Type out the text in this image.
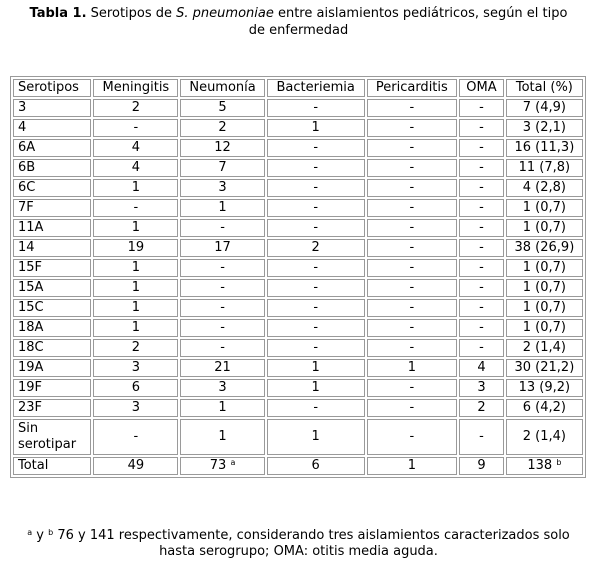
Tabla 1. Serotipos de S. pneumoniae entre aislamientos pediátricos, según el tipo
de enfermedad
Serotipos	Meningitis	Neumonía	Bacteriemia	Pericarditis	OMA	Total (%)
3	2	5	-	-	-	7 (4,9)
4	-	2	1	-	-	3 (2,1)
6A	4	12	-	-	-	16 (11,3)
6B	4	7	-	-	-	11 (7,8)
6C	1	3	-	-	-	4 (2,8)
7F	-	1	-	-	-	1 (0,7)
11A	1	-	-	-	-	1 (0,7)
14	19	17	2	-	-	38 (26,9)
15F	1	-	-	-	-	1 (0,7)
15A	1	-	-	-	-	1 (0,7)
15C	1	-	-	-	-	1 (0,7)
18A	1	-	-	-	-	1 (0,7)
18C	2	-	-	-	-	2 (1,4)
19A	3	21	1	1	4	30 (21,2)
19F	6	3	1	-	3	13 (9,2)
23F	3	1	-	-	2	6 (4,2)
Sin
serotipar	-	1	1	-	-	2 (1,4)
Total	49	73 $^a$	6	1	9	138 $^b$
$^a$ y $^b$ 76 y 141 respectivamente, considerando tres aislamientos caracterizados solo
hasta serogrupo; OMA: otitis media aguda.
